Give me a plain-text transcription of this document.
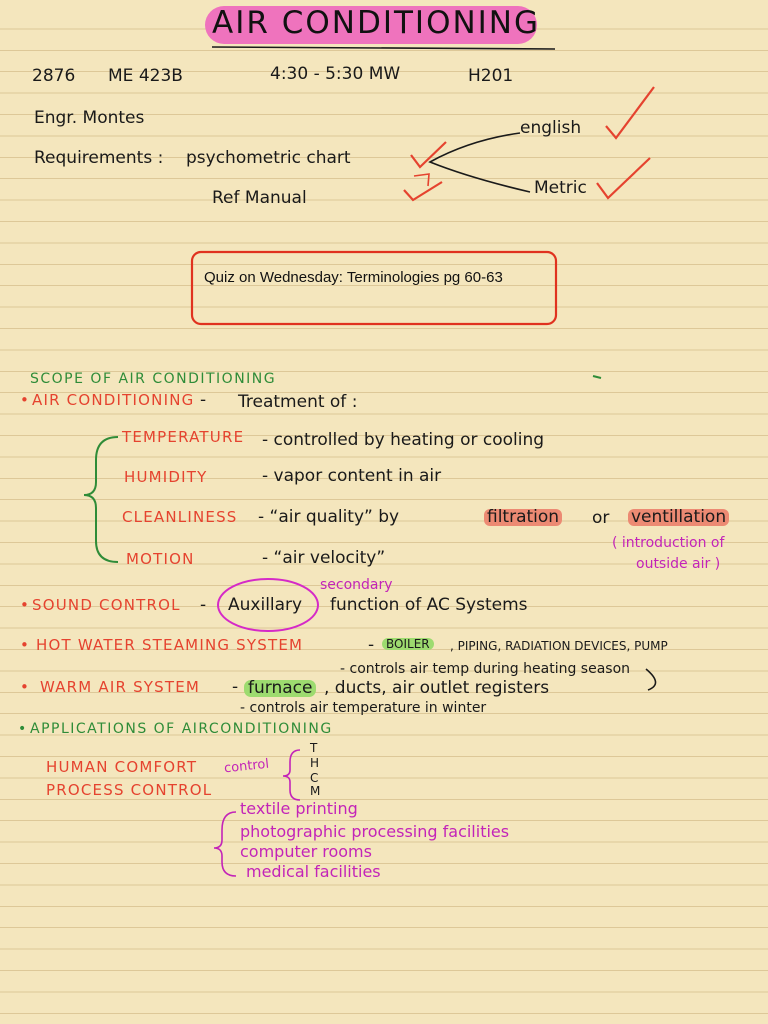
AIR CONDITIONING
2876 ME 423B	4:30 - 5:30 MW	H201
Engr. Montes
Requirements : psychometric chart
Ref Manual
english
Metric
Quiz on Wednesday: Terminologies pg 60-63
SCOPE OF AIR CONDITIONING
• AIR CONDITIONING - Treatment of :
TEMPERATURE - controlled by heating or cooling
HUMIDITY	- vapor content in air
CLEANLINESS - “air quality” by	filtration or ventillation
( introduction of
outside air )
MOTION	- “air velocity”
• SOUND CONTROL - Auxillary
secondary
function of AC Systems
• HOT WATER STEAMING SYSTEM	- BOILER	, PIPING, RADIATION DEVICES, PUMP
- controls air temp during heating season
• WARM AIR SYSTEM - furnace , ducts, air outlet registers
- controls air temperature in winter
• APPLICATIONS OF AIRCONDITIONING
HUMAN COMFORT control
T
H
C
M
PROCESS CONTROL
textile printing
photographic processing facilities
computer rooms
medical facilities
